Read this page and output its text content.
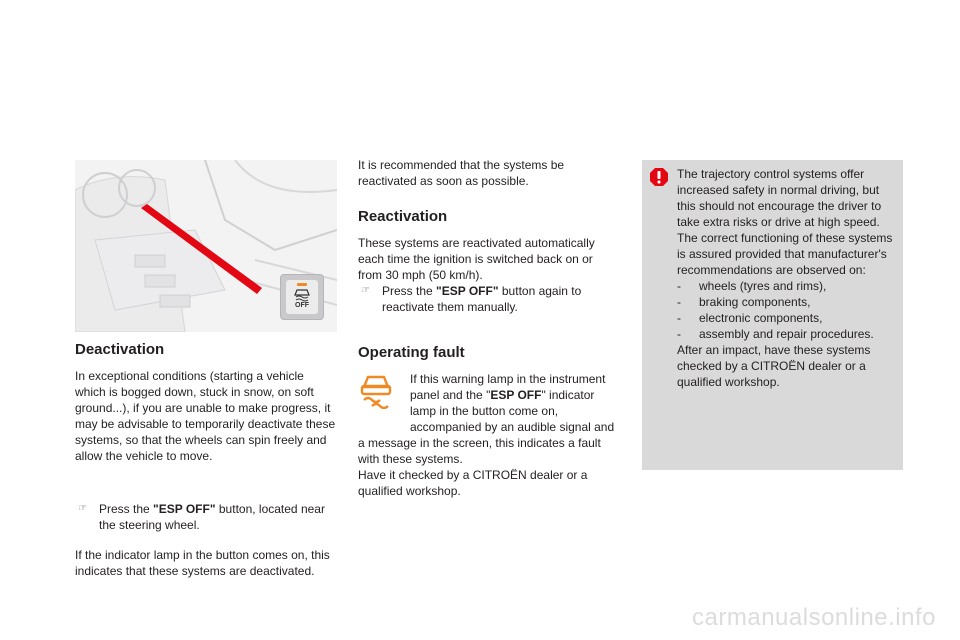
OFF
Deactivation

In exceptional conditions (starting a vehicle which is bogged down, stuck in snow, on soft ground...), if you are unable to make progress, it may be advisable to temporarily deactivate these systems, so that the wheels can spin freely and allow the vehicle to move.

☞ Press the "ESP OFF" button, located near the steering wheel.

If the indicator lamp in the button comes on, this indicates that these systems are deactivated.

It is recommended that the systems be reactivated as soon as possible.

Reactivation

These systems are reactivated automatically each time the ignition is switched back on or from 30 mph (50 km/h).

☞ Press the "ESP OFF" button again to reactivate them manually.
Operating fault

If this warning lamp in the instrument panel and the "ESP OFF" indicator lamp in the button come on, accompanied by an audible signal and a message in the screen, this indicates a fault with these systems.

Have it checked by a CITROËN dealer or a qualified workshop.

The trajectory control systems offer increased safety in normal driving, but this should not encourage the driver to take extra risks or drive at high speed.

The correct functioning of these systems is assured provided that manufacturer's recommendations are observed on:

- wheels (tyres and rims),
- braking components,
- electronic components,
- assembly and repair procedures.

After an impact, have these systems checked by a CITROËN dealer or a qualified workshop.

carmanualsonline.info
